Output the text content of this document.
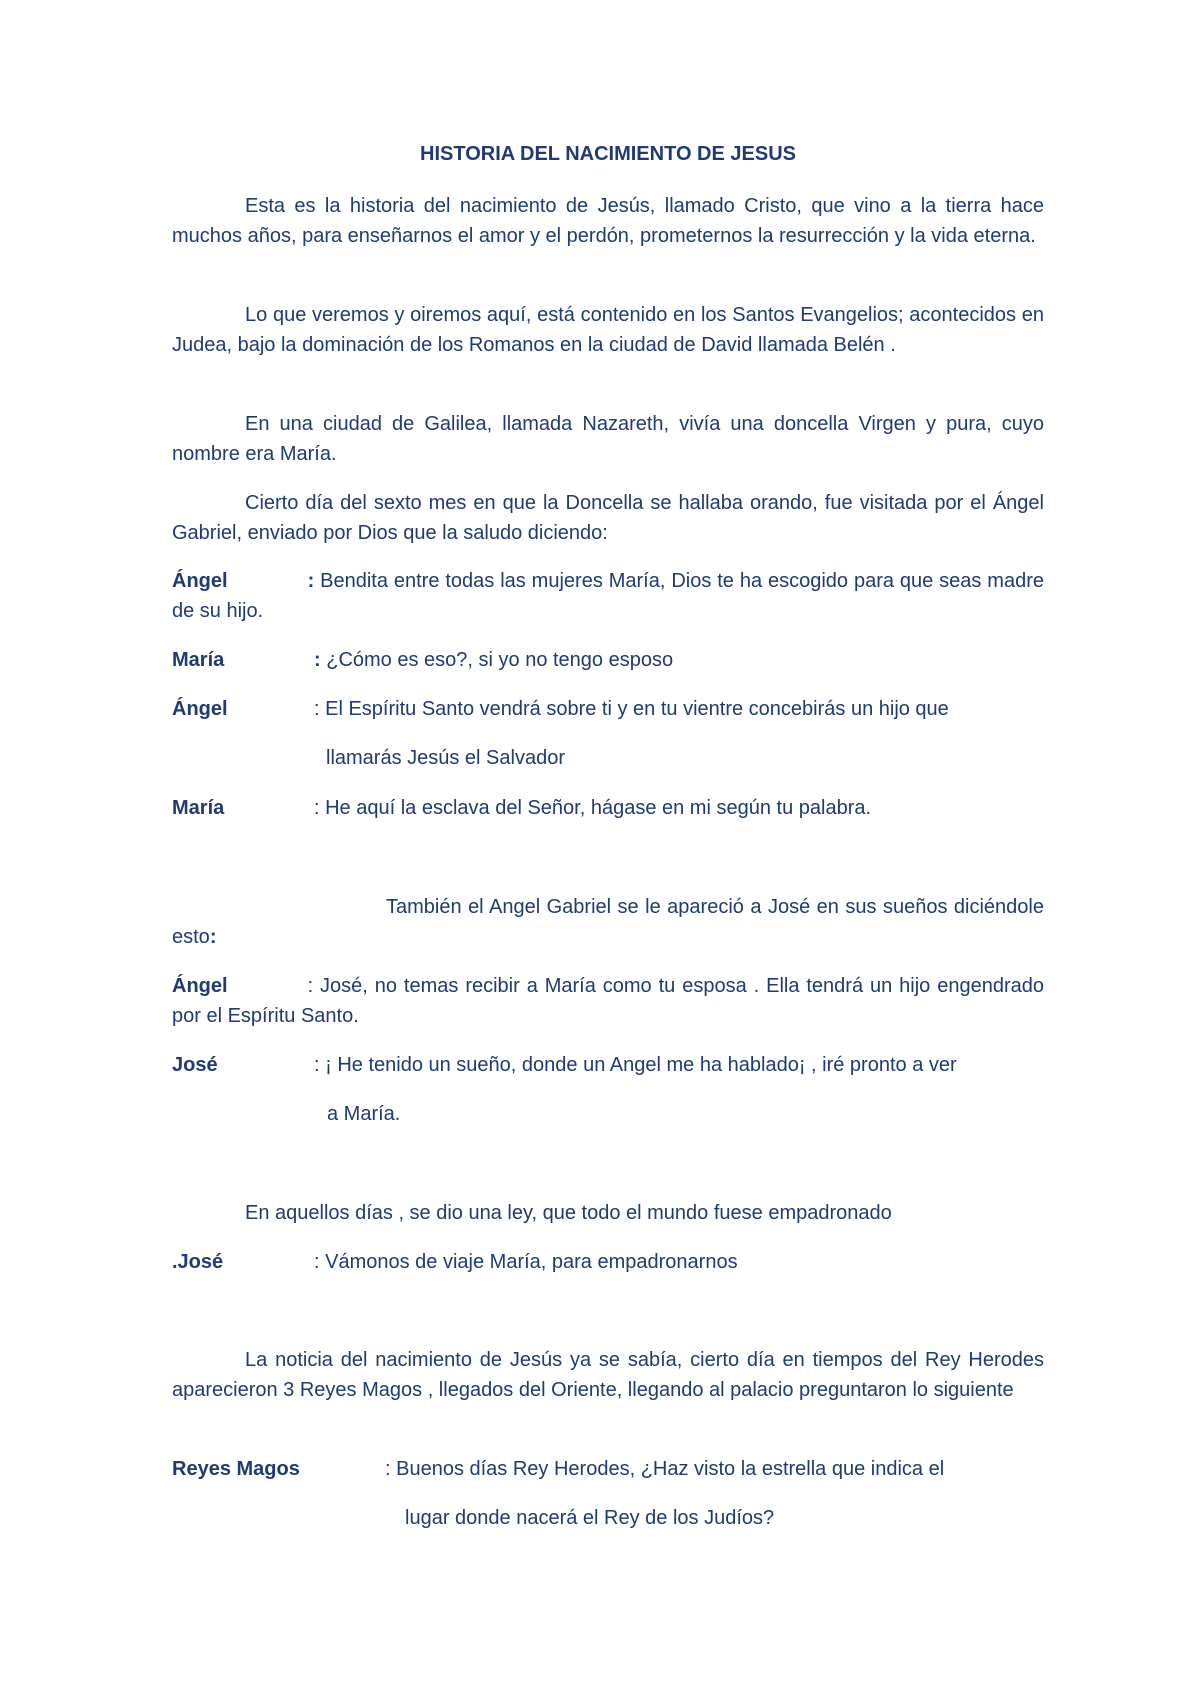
HISTORIA DEL NACIMIENTO DE JESUS

Esta es la historia del nacimiento de Jesús, llamado Cristo, que vino a la tierra hace muchos años, para enseñarnos el amor y el perdón, prometernos la resurrección y la vida eterna.

Lo que veremos y oiremos aquí, está contenido en los Santos Evangelios; acontecidos en Judea, bajo la dominación de los Romanos en la ciudad de David llamada Belén .

En una ciudad de Galilea, llamada Nazareth, vivía una doncella Virgen y pura, cuyo nombre era María.

Cierto día del sexto mes en que la Doncella se hallaba orando, fue visitada por el Ángel Gabriel, enviado por Dios que la saludo diciendo:

Ángel	: Bendita entre todas las mujeres María, Dios te ha escogido para que seas madre de su hijo.

María	: ¿Cómo es eso?, si yo no tengo esposo
Ángel	: El Espíritu Santo vendrá sobre ti y en tu vientre concebirás un hijo que
llamarás Jesús el Salvador
María	: He aquí la esclava del Señor, hágase en mi según tu palabra.

También el Angel Gabriel se le apareció a José en sus sueños diciéndole esto:

Ángel	: José, no temas recibir a María como tu esposa . Ella tendrá un hijo engendrado por el Espíritu Santo.

José	: ¡ He tenido un sueño, donde un Angel me ha hablado¡ , iré pronto a ver
a María.

En aquellos días , se dio una ley, que todo el mundo fuese empadronado

.José	: Vámonos de viaje María, para empadronarnos

La noticia del nacimiento de Jesús ya se sabía, cierto día en tiempos del Rey Herodes aparecieron 3 Reyes Magos , llegados del Oriente, llegando al palacio preguntaron lo siguiente

Reyes Magos	: Buenos días Rey Herodes, ¿Haz visto la estrella que indica el
lugar donde nacerá el Rey de los Judíos?
